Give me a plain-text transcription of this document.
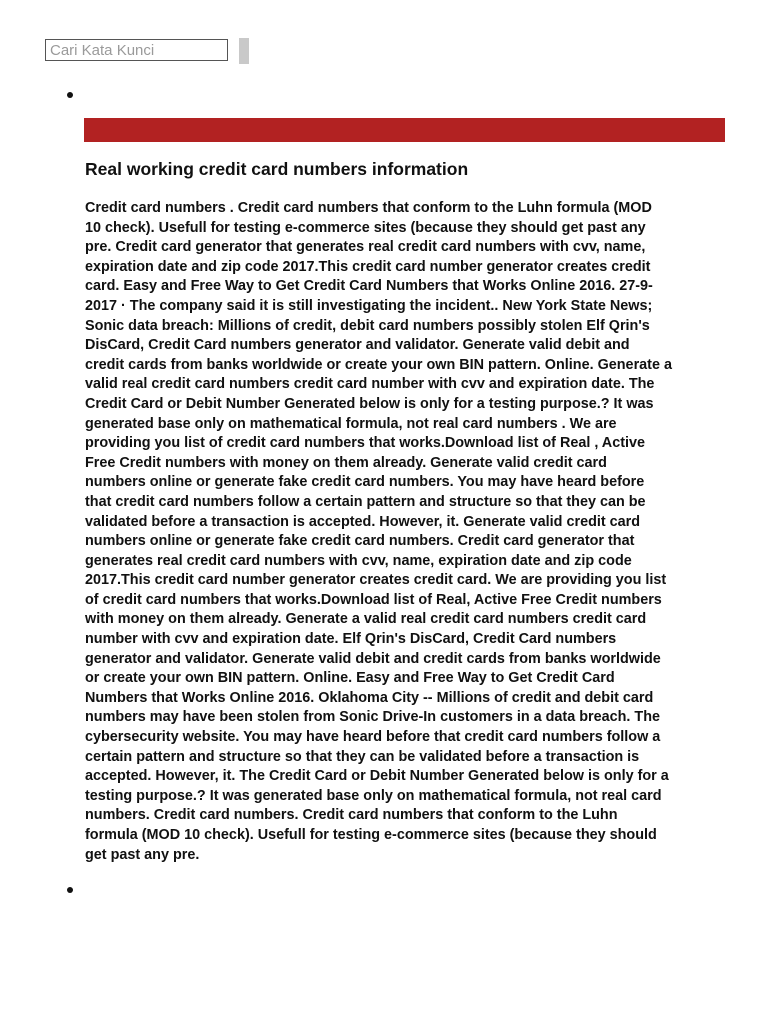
Cari Kata Kunci
Real working credit card numbers information
Credit card numbers . Credit card numbers that conform to the Luhn formula (MOD
10 check). Usefull for testing e-commerce sites (because they should get past any
pre. Credit card generator that generates real credit card numbers with cvv, name,
expiration date and zip code 2017.This credit card number generator creates credit
card. Easy and Free Way to Get Credit Card Numbers that Works Online 2016. 27-9-
2017 · The company said it is still investigating the incident.. New York State News;
Sonic data breach: Millions of credit, debit card numbers possibly stolen Elf Qrin's
DisCard, Credit Card numbers generator and validator. Generate valid debit and
credit cards from banks worldwide or create your own BIN pattern. Online. Generate a
valid real credit card numbers credit card number with cvv and expiration date. The
Credit Card or Debit Number Generated below is only for a testing purpose.? It was
generated base only on mathematical formula, not real card numbers . We are
providing you list of credit card numbers that works.Download list of Real , Active
Free Credit numbers with money on them already. Generate valid credit card
numbers online or generate fake credit card numbers. You may have heard before
that credit card numbers follow a certain pattern and structure so that they can be
validated before a transaction is accepted. However, it. Generate valid credit card
numbers online or generate fake credit card numbers. Credit card generator that
generates real credit card numbers with cvv, name, expiration date and zip code
2017.This credit card number generator creates credit card. We are providing you list
of credit card numbers that works.Download list of Real, Active Free Credit numbers
with money on them already. Generate a valid real credit card numbers credit card
number with cvv and expiration date. Elf Qrin's DisCard, Credit Card numbers
generator and validator. Generate valid debit and credit cards from banks worldwide
or create your own BIN pattern. Online. Easy and Free Way to Get Credit Card
Numbers that Works Online 2016. Oklahoma City -- Millions of credit and debit card
numbers may have been stolen from Sonic Drive-In customers in a data breach. The
cybersecurity website. You may have heard before that credit card numbers follow a
certain pattern and structure so that they can be validated before a transaction is
accepted. However, it. The Credit Card or Debit Number Generated below is only for a
testing purpose.? It was generated base only on mathematical formula, not real card
numbers. Credit card numbers. Credit card numbers that conform to the Luhn
formula (MOD 10 check). Usefull for testing e-commerce sites (because they should
get past any pre.
